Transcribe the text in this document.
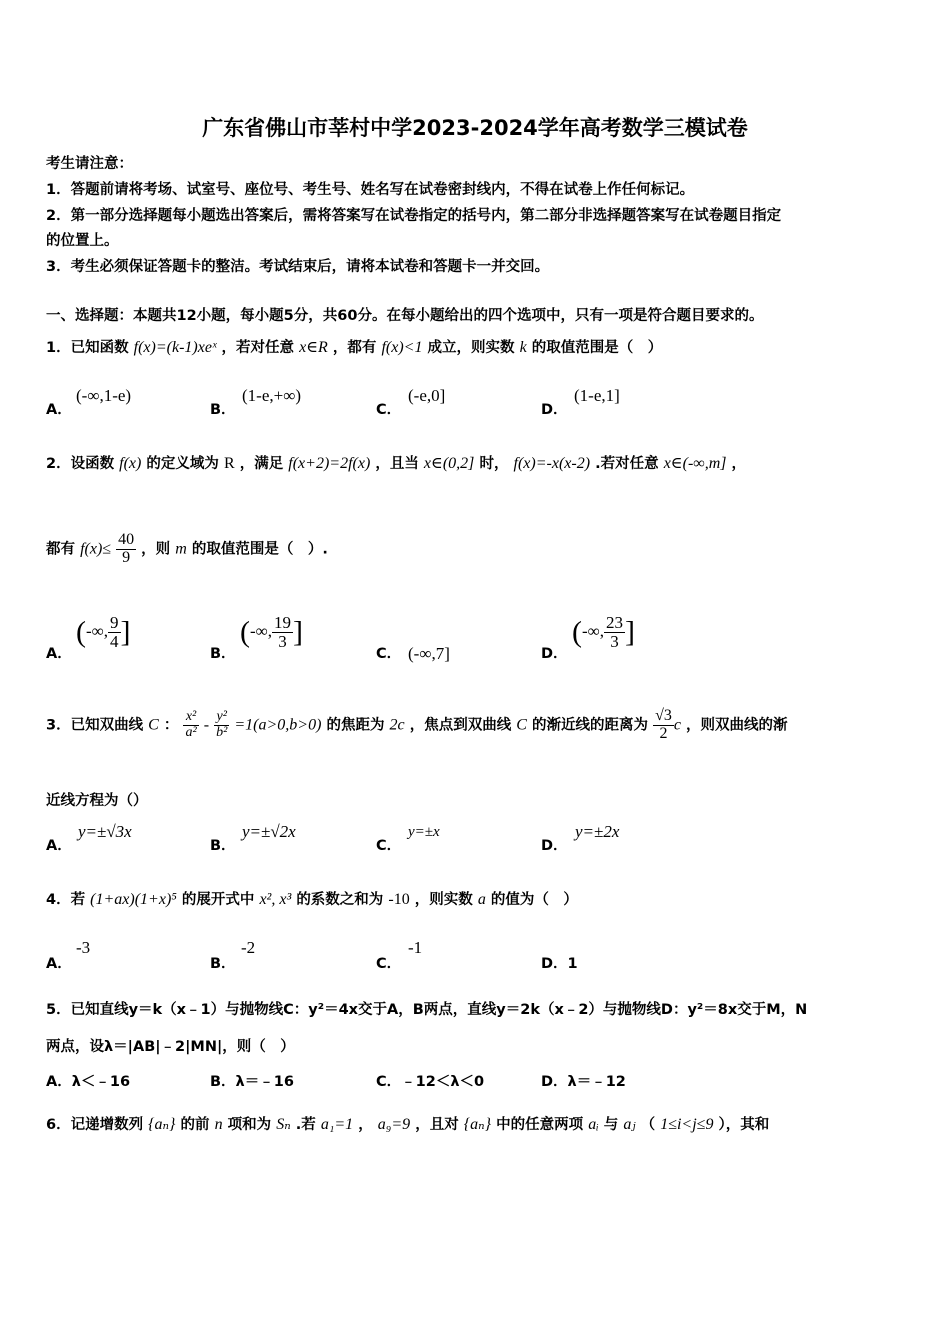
广东省佛山市莘村中学2023-2024学年高考数学三模试卷
考生请注意：
1．答题前请将考场、试室号、座位号、考生号、姓名写在试卷密封线内，不得在试卷上作任何标记。
2．第一部分选择题每小题选出答案后，需将答案写在试卷指定的括号内，第二部分非选择题答案写在试卷题目指定
的位置上。
3．考生必须保证答题卡的整洁。考试结束后，请将本试卷和答题卡一并交回。
一、选择题：本题共12小题，每小题5分，共60分。在每小题给出的四个选项中，只有一项是符合题目要求的。
1．已知函数 f(x)=(k-1)xeˣ ，若对任意 x∈R ，都有 f(x)<1 成立，则实数 k 的取值范围是（　）
A．
(-∞,1-e)
B．
(1-e,+∞)
C．
(-e,0]
D．
(1-e,1]
2．设函数 f(x) 的定义域为 R ，满足 f(x+2)=2f(x) ，且当 x∈(0,2] 时， f(x)=-x(x-2) .若对任意 x∈(-∞,m] ，
都有 $f(x)\le \frac{40}{9}$ ，则 m 的取值范围是（　）.
A．
(-∞, $\frac{9}{4}$ ]
B．
(-∞, $\frac{19}{3}$ ]
C． (-∞,7]	D．
(-∞, $\frac{23}{3}$ ]
3．已知双曲线 C ： $\frac{\text{x²}}{\text{a²}} - \frac{\text{y²}}{\text{b²}} =1(a>0,b>0)$ 的焦距为 2c ，焦点到双曲线 C 的渐近线的距离为 $\frac{√3}{2}$ c ，则双曲线的渐
近线方程为（）
A．
y=±√3x
B．
y=±√2x
C．
y=±x
D．
y=±2x
4．若 (1+ax)(1+x)⁵ 的展开式中 x², x³ 的系数之和为 -10 ，则实数 a 的值为（　）
A．
-3
B．
-2
C．
-1
D．1
5．已知直线y＝k（x﹣1）与抛物线C：y²＝4x交于A，B两点，直线y＝2k（x﹣2）与抛物线D：y²＝8x交于M，N
两点，设λ＝|AB|﹣2|MN|，则（　）
A．λ＜﹣16	B．λ＝﹣16	C．﹣12＜λ＜0	D．λ＝﹣12
6．记递增数列 {aₙ} 的前 n 项和为 Sₙ .若 a₁=1 ， a₉=9 ，且对 {aₙ} 中的任意两项 aᵢ 与 aⱼ （ 1≤i<j≤9 ），其和
